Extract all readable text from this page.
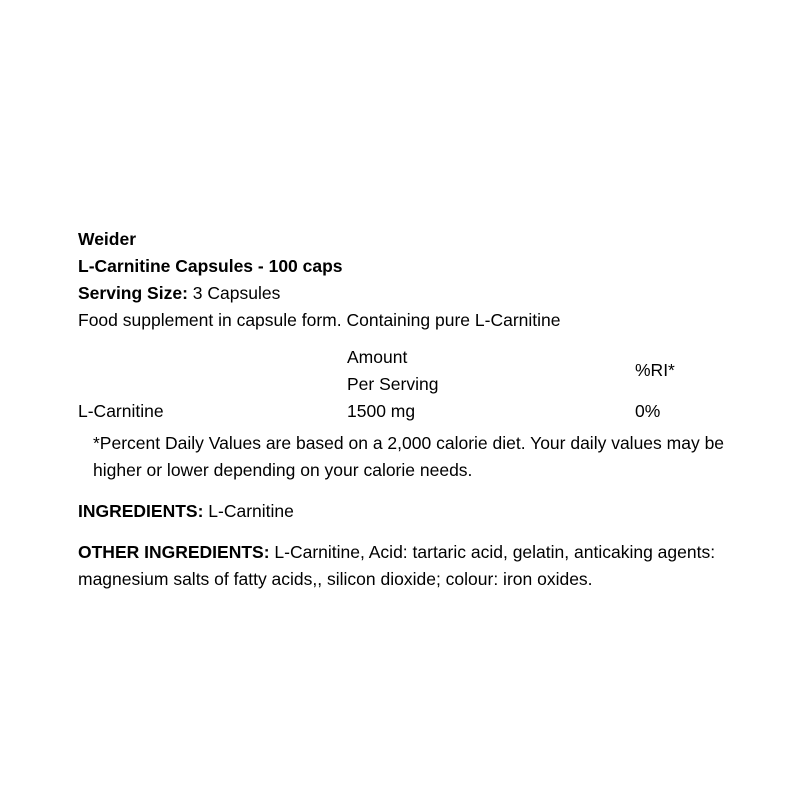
Weider
L-Carnitine Capsules - 100 caps
Serving Size: 3 Capsules
Food supplement in capsule form. Containing pure L-Carnitine
Amount
Per Serving
%RI*
L-Carnitine	1500 mg	0%
*Percent Daily Values are based on a 2,000 calorie diet. Your daily values may be higher or lower depending on your calorie needs.
INGREDIENTS: L-Carnitine
OTHER INGREDIENTS: L-Carnitine, Acid: tartaric acid, gelatin, anticaking agents: magnesium salts of fatty acids,, silicon dioxide; colour: iron oxides.
